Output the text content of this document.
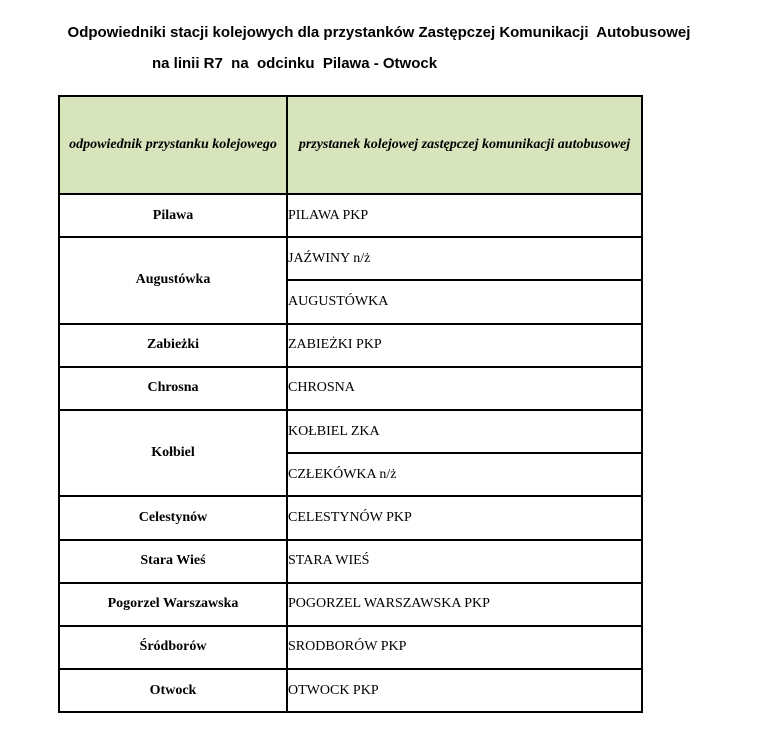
Odpowiedniki stacji kolejowych dla przystanków Zastępczej Komunikacji  Autobusowej
na linii R7  na  odcinku  Pilawa - Otwock
odpowiednik przystanku kolejowego	przystanek kolejowej zastępczej komunikacji autobusowej
Pilawa	PILAWA PKP
Augustówka	JAŹWINY n/ż
	AUGUSTÓWKA
Zabieżki	ZABIEŻKI PKP
Chrosna	CHROSNA
Kołbiel	KOŁBIEL ZKA
	CZŁEKÓWKA n/ż
Celestynów	CELESTYNÓW PKP
Stara Wieś	STARA WIEŚ
Pogorzel Warszawska	POGORZEL WARSZAWSKA PKP
Śródborów	SRODBORÓW PKP
Otwock	OTWOCK PKP
